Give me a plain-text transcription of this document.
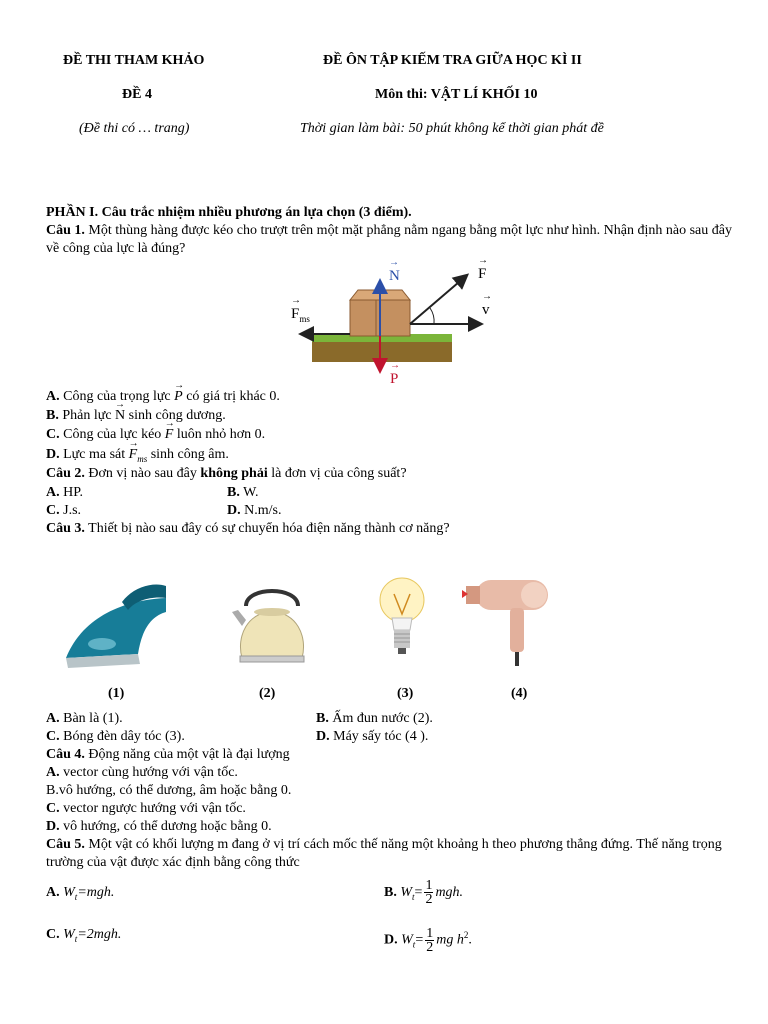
ĐỀ THI THAM KHẢO	ĐỀ ÔN TẬP KIẾM TRA GIỮA HỌC KÌ II
ĐỀ 4	Môn thi: VẬT LÍ KHỐI 10
(Đề thi có … trang)	Thời gian làm bài: 50 phút không kể thời gian phát đề
PHẦN I. Câu trắc nhiệm nhiều phương án lựa chọn (3 điểm).
Câu 1. Một thùng hàng được kéo cho trượt trên một mặt phẳng nằm ngang bằng một lực như hình. Nhận định nào sau đây về công của lực là đúng?
→ N
→	F
→ v
→ $F_{ms}$
→ P
A. Công của trọng lực → P có giá trị khác 0.
B. Phản lực → N sinh công dương.
C. Công của lực kéo → F luôn nhỏ hơn 0.
D. Lực ma sát → $F_{ms}$ sinh công âm.
Câu 2. Đơn vị nào sau đây không phải là đơn vị của công suất?
A. HP.	B. W.
C. J.s.	D. N.m/s.
Câu 3. Thiết bị nào sau đây có sự chuyển hóa điện năng thành cơ năng?
(1)	(2)	(3)	(4)
A. Bàn là (1).	B. Ấm đun nước (2).
C. Bóng đèn dây tóc (3).	D. Máy sấy tóc (4 ).
Câu 4. Động năng của một vật là đại lượng
A. vector cùng hướng với vận tốc.
B.vô hướng, có thể dương, âm hoặc bằng 0.
C. vector ngược hướng với vận tốc.
D. vô hướng, có thể dương hoặc bằng 0.
Câu 5. Một vật có khối lượng m đang ở vị trí cách mốc thế năng một khoảng h theo phương thẳng đứng. Thế năng trọng trường của vật được xác định bằng công thức
A. $W_t=mgh$.	B. $W_t= \frac{1}{2}$ mgh.
C. $W_t=2mgh$.	D. $W_t= \frac{1}{2}$ mg $h^2$.
